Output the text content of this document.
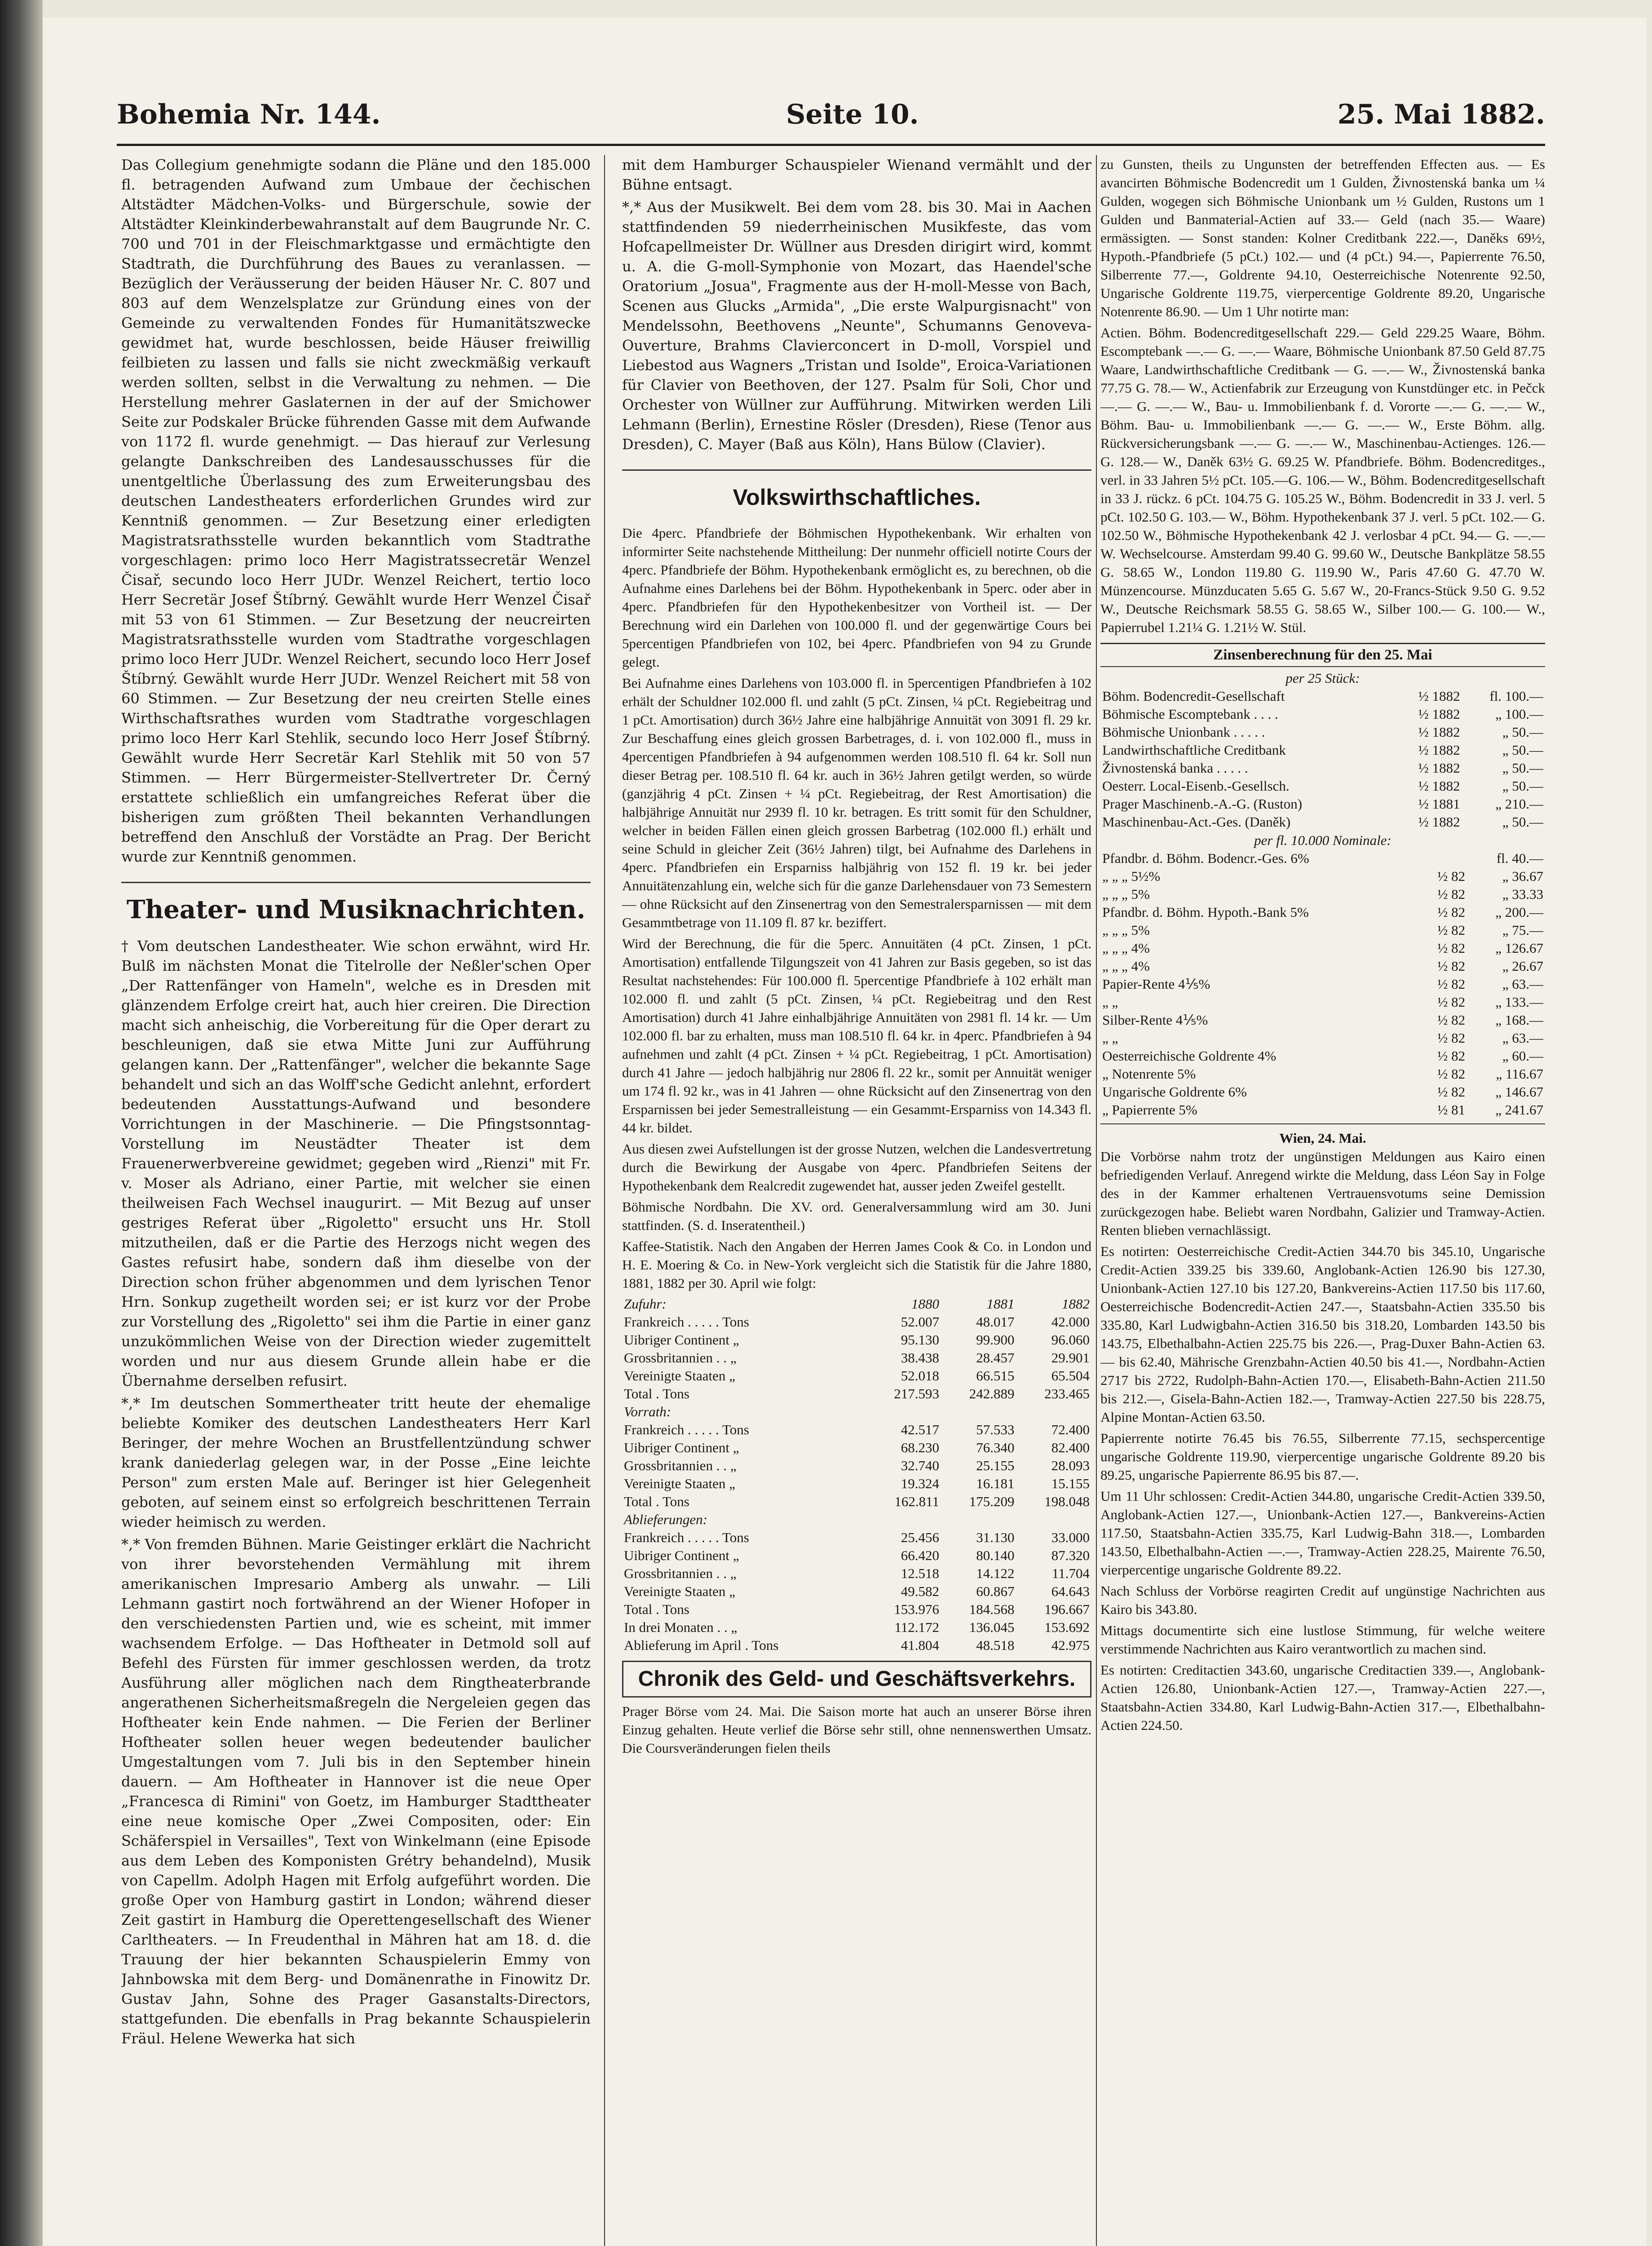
Bohemia Nr. 144.	Seite 10.	25. Mai 1882.

Das Collegium genehmigte sodann die Pläne und den 185.000 fl. betragenden Aufwand zum Umbaue der čechischen Altstädter Mädchen-Volks- und Bürgerschule, sowie der Altstädter Kleinkinderbewahranstalt auf dem Baugrunde Nr. C. 700 und 701 in der Fleischmarktgasse und ermächtigte den Stadtrath, die Durchführung des Baues zu veranlassen. — Bezüglich der Veräusserung der beiden Häuser Nr. C. 807 und 803 auf dem Wenzelsplatze zur Gründung eines von der Gemeinde zu verwaltenden Fondes für Humanitätszwecke gewidmet hat, wurde beschlossen, beide Häuser freiwillig feilbieten zu lassen und falls sie nicht zweckmäßig verkauft werden sollten, selbst in die Verwaltung zu nehmen. — Die Herstellung mehrer Gaslaternen in der auf der Smichower Seite zur Podskaler Brücke führenden Gasse mit dem Aufwande von 1172 fl. wurde genehmigt. — Das hierauf zur Verlesung gelangte Dankschreiben des Landesausschusses für die unentgeltliche Überlassung des zum Erweiterungsbau des deutschen Landestheaters erforderlichen Grundes wird zur Kenntniß genommen. — Zur Besetzung einer erledigten Magistratsrathsstelle wurden bekanntlich vom Stadtrathe vorgeschlagen: primo loco Herr Magistratssecretär Wenzel Čisař, secundo loco Herr JUDr. Wenzel Reichert, tertio loco Herr Secretär Josef Štíbrný. Gewählt wurde Herr Wenzel Čisař mit 53 von 61 Stimmen. — Zur Besetzung der neucreirten Magistratsrathsstelle wurden vom Stadtrathe vorgeschlagen primo loco Herr JUDr. Wenzel Reichert, secundo loco Herr Josef Štíbrný. Gewählt wurde Herr JUDr. Wenzel Reichert mit 58 von 60 Stimmen. — Zur Besetzung der neu creirten Stelle eines Wirthschaftsrathes wurden vom Stadtrathe vorgeschlagen primo loco Herr Karl Stehlik, secundo loco Herr Josef Štíbrný. Gewählt wurde Herr Secretär Karl Stehlik mit 50 von 57 Stimmen. — Herr Bürgermeister-Stellvertreter Dr. Černý erstattete schließlich ein umfangreiches Referat über die bisherigen zum größten Theil bekannten Verhandlungen betreffend den Anschluß der Vorstädte an Prag. Der Bericht wurde zur Kenntniß genommen.

Theater- und Musiknachrichten.

† Vom deutschen Landestheater. Wie schon erwähnt, wird Hr. Bulß im nächsten Monat die Titelrolle der Neßler'schen Oper „Der Rattenfänger von Hameln", welche es in Dresden mit glänzendem Erfolge creirt hat, auch hier creiren. Die Direction macht sich anheischig, die Vorbereitung für die Oper derart zu beschleunigen, daß sie etwa Mitte Juni zur Aufführung gelangen kann. Der „Rattenfänger", welcher die bekannte Sage behandelt und sich an das Wolff'sche Gedicht anlehnt, erfordert bedeutenden Ausstattungs-Aufwand und besondere Vorrichtungen in der Maschinerie. — Die Pfingstsonntag-Vorstellung im Neustädter Theater ist dem Frauenerwerbvereine gewidmet; gegeben wird „Rienzi" mit Fr. v. Moser als Adriano, einer Partie, mit welcher sie einen theilweisen Fach Wechsel inaugurirt. — Mit Bezug auf unser gestriges Referat über „Rigoletto" ersucht uns Hr. Stoll mitzutheilen, daß er die Partie des Herzogs nicht wegen des Gastes refusirt habe, sondern daß ihm dieselbe von der Direction schon früher abgenommen und dem lyrischen Tenor Hrn. Sonkup zugetheilt worden sei; er ist kurz vor der Probe zur Vorstellung des „Rigoletto" sei ihm die Partie in einer ganz unzukömmlichen Weise von der Direction wieder zugemittelt worden und nur aus diesem Grunde allein habe er die Übernahme derselben refusirt.

*,* Im deutschen Sommertheater tritt heute der ehemalige beliebte Komiker des deutschen Landestheaters Herr Karl Beringer, der mehre Wochen an Brustfellentzündung schwer krank daniederlag gelegen war, in der Posse „Eine leichte Person" zum ersten Male auf. Beringer ist hier Gelegenheit geboten, auf seinem einst so erfolgreich beschrittenen Terrain wieder heimisch zu werden.

*,* Von fremden Bühnen. Marie Geistinger erklärt die Nachricht von ihrer bevorstehenden Vermählung mit ihrem amerikanischen Impresario Amberg als unwahr. — Lili Lehmann gastirt noch fortwährend an der Wiener Hofoper in den verschiedensten Partien und, wie es scheint, mit immer wachsendem Erfolge. — Das Hoftheater in Detmold soll auf Befehl des Fürsten für immer geschlossen werden, da trotz Ausführung aller möglichen nach dem Ringtheaterbrande angerathenen Sicherheitsmaßregeln die Nergeleien gegen das Hoftheater kein Ende nahmen. — Die Ferien der Berliner Hoftheater sollen heuer wegen bedeutender baulicher Umgestaltungen vom 7. Juli bis in den September hinein dauern. — Am Hoftheater in Hannover ist die neue Oper „Francesca di Rimini" von Goetz, im Hamburger Stadttheater eine neue komische Oper „Zwei Compositen, oder: Ein Schäferspiel in Versailles", Text von Winkelmann (eine Episode aus dem Leben des Komponisten Grétry behandelnd), Musik von Capellm. Adolph Hagen mit Erfolg aufgeführt worden. Die große Oper von Hamburg gastirt in London; während dieser Zeit gastirt in Hamburg die Operettengesellschaft des Wiener Carltheaters. — In Freudenthal in Mähren hat am 18. d. die Trauung der hier bekannten Schauspielerin Emmy von Jahnbowska mit dem Berg- und Domänenrathe in Finowitz Dr. Gustav Jahn, Sohne des Prager Gasanstalts-Directors, stattgefunden. Die ebenfalls in Prag bekannte Schauspielerin Fräul. Helene Wewerka hat sich

mit dem Hamburger Schauspieler Wienand vermählt und der Bühne entsagt.

*,* Aus der Musikwelt. Bei dem vom 28. bis 30. Mai in Aachen stattfindenden 59 niederrheinischen Musikfeste, das vom Hofcapellmeister Dr. Wüllner aus Dresden dirigirt wird, kommt u. A. die G-moll-Symphonie von Mozart, das Haendel'sche Oratorium „Josua", Fragmente aus der H-moll-Messe von Bach, Scenen aus Glucks „Armida", „Die erste Walpurgisnacht" von Mendelssohn, Beethovens „Neunte", Schumanns Genoveva-Ouverture, Brahms Clavierconcert in D-moll, Vorspiel und Liebestod aus Wagners „Tristan und Isolde", Eroica-Variationen für Clavier von Beethoven, der 127. Psalm für Soli, Chor und Orchester von Wüllner zur Aufführung. Mitwirken werden Lili Lehmann (Berlin), Ernestine Rösler (Dresden), Riese (Tenor aus Dresden), C. Mayer (Baß aus Köln), Hans Bülow (Clavier).

Volkswirthschaftliches.

Die 4perc. Pfandbriefe der Böhmischen Hypothekenbank. Wir erhalten von informirter Seite nachstehende Mittheilung: Der nunmehr officiell notirte Cours der 4perc. Pfandbriefe der Böhm. Hypothekenbank ermöglicht es, zu berechnen, ob die Aufnahme eines Darlehens bei der Böhm. Hypothekenbank in 5perc. oder aber in 4perc. Pfandbriefen für den Hypothekenbesitzer von Vortheil ist. — Der Berechnung wird ein Darlehen von 100.000 fl. und der gegenwärtige Cours bei 5percentigen Pfandbriefen von 102, bei 4perc. Pfandbriefen von 94 zu Grunde gelegt.

Bei Aufnahme eines Darlehens von 103.000 fl. in 5percentigen Pfandbriefen à 102 erhält der Schuldner 102.000 fl. und zahlt (5 pCt. Zinsen, ¼ pCt. Regiebeitrag und 1 pCt. Amortisation) durch 36½ Jahre eine halbjährige Annuität von 3091 fl. 29 kr. Zur Beschaffung eines gleich grossen Barbetrages, d. i. von 102.000 fl., muss in 4percentigen Pfandbriefen à 94 aufgenommen werden 108.510 fl. 64 kr. Soll nun dieser Betrag per. 108.510 fl. 64 kr. auch in 36½ Jahren getilgt werden, so würde (ganzjährig 4 pCt. Zinsen + ¼ pCt. Regiebeitrag, der Rest Amortisation) die halbjährige Annuität nur 2939 fl. 10 kr. betragen. Es tritt somit für den Schuldner, welcher in beiden Fällen einen gleich grossen Barbetrag (102.000 fl.) erhält und seine Schuld in gleicher Zeit (36½ Jahren) tilgt, bei Aufnahme des Darlehens in 4perc. Pfandbriefen ein Ersparniss halbjährig von 152 fl. 19 kr. bei jeder Annuitätenzahlung ein, welche sich für die ganze Darlehensdauer von 73 Semestern — ohne Rücksicht auf den Zinsenertrag von den Semestralersparnissen — mit dem Gesammtbetrage von 11.109 fl. 87 kr. beziffert.

Wird der Berechnung, die für die 5perc. Annuitäten (4 pCt. Zinsen, 1 pCt. Amortisation) entfallende Tilgungszeit von 41 Jahren zur Basis gegeben, so ist das Resultat nachstehendes: Für 100.000 fl. 5percentige Pfandbriefe à 102 erhält man 102.000 fl. und zahlt (5 pCt. Zinsen, ¼ pCt. Regiebeitrag und den Rest Amortisation) durch 41 Jahre einhalbjährige Annuitäten von 2981 fl. 14 kr. — Um 102.000 fl. bar zu erhalten, muss man 108.510 fl. 64 kr. in 4perc. Pfandbriefen à 94 aufnehmen und zahlt (4 pCt. Zinsen + ¼ pCt. Regiebeitrag, 1 pCt. Amortisation) durch 41 Jahre — jedoch halbjährig nur 2806 fl. 22 kr., somit per Annuität weniger um 174 fl. 92 kr., was in 41 Jahren — ohne Rücksicht auf den Zinsenertrag von den Ersparnissen bei jeder Semestralleistung — ein Gesammt-Ersparniss von 14.343 fl. 44 kr. bildet.

Aus diesen zwei Aufstellungen ist der grosse Nutzen, welchen die Landesvertretung durch die Bewirkung der Ausgabe von 4perc. Pfandbriefen Seitens der Hypothekenbank dem Realcredit zugewendet hat, ausser jeden Zweifel gestellt.

Böhmische Nordbahn. Die XV. ord. Generalversammlung wird am 30. Juni stattfinden. (S. d. Inseratentheil.)

Kaffee-Statistik. Nach den Angaben der Herren James Cook & Co. in London und H. E. Moering & Co. in New-York vergleicht sich die Statistik für die Jahre 1880, 1881, 1882 per 30. April wie folgt:

Zufuhr:	1880	1881	1882
Frankreich . . . . . Tons	52.007	48.017	42.000
Uibriger Continent „	95.130	99.900	96.060
Grossbritannien . . „	38.438	28.457	29.901
Vereinigte Staaten „	52.018	66.515	65.504
Total . Tons	217.593	242.889	233.465
Vorrath:			
Frankreich . . . . . Tons	42.517	57.533	72.400
Uibriger Continent „	68.230	76.340	82.400
Grossbritannien . . „	32.740	25.155	28.093
Vereinigte Staaten „	19.324	16.181	15.155
Total . Tons	162.811	175.209	198.048
Ablieferungen:			
Frankreich . . . . . Tons	25.456	31.130	33.000
Uibriger Continent „	66.420	80.140	87.320
Grossbritannien . . „	12.518	14.122	11.704
Vereinigte Staaten „	49.582	60.867	64.643
Total . Tons	153.976	184.568	196.667
In drei Monaten . . „	112.172	136.045	153.692
Ablieferung im April . Tons	41.804	48.518	42.975
Chronik des Geld- und Geschäftsverkehrs.

Prager Börse vom 24. Mai. Die Saison morte hat auch an unserer Börse ihren Einzug gehalten. Heute verlief die Börse sehr still, ohne nennenswerthen Umsatz. Die Coursveränderungen fielen theils

zu Gunsten, theils zu Ungunsten der betreffenden Effecten aus. — Es avancirten Böhmische Bodencredit um 1 Gulden, Živnostenská banka um ¼ Gulden, wogegen sich Böhmische Unionbank um ½ Gulden, Rustons um 1 Gulden und Banmaterial-Actien auf 33.— Geld (nach 35.— Waare) ermässigten. — Sonst standen: Kolner Creditbank 222.—, Daněks 69½, Hypoth.-Pfandbriefe (5 pCt.) 102.— und (4 pCt.) 94.—, Papierrente 76.50, Silberrente 77.—, Goldrente 94.10, Oesterreichische Notenrente 92.50, Ungarische Goldrente 119.75, vierpercentige Goldrente 89.20, Ungarische Notenrente 86.90. — Um 1 Uhr notirte man:

Actien. Böhm. Bodencreditgesellschaft 229.— Geld 229.25 Waare, Böhm. Escomptebank —.— G. —.— Waare, Böhmische Unionbank 87.50 Geld 87.75 Waare, Landwirthschaftliche Creditbank — G. —.— W., Živnostenská banka 77.75 G. 78.— W., Actienfabrik zur Erzeugung von Kunstdünger etc. in Pečck —.— G. —.— W., Bau- u. Immobilienbank f. d. Vororte —.— G. —.— W., Böhm. Bau- u. Immobilienbank —.— G. —.— W., Erste Böhm. allg. Rückversicherungsbank —.— G. —.— W., Maschinenbau-Actienges. 126.— G. 128.— W., Daněk 63½ G. 69.25 W. Pfandbriefe. Böhm. Bodencreditges., verl. in 33 Jahren 5½ pCt. 105.—G. 106.— W., Böhm. Bodencreditgesellschaft in 33 J. rückz. 6 pCt. 104.75 G. 105.25 W., Böhm. Bodencredit in 33 J. verl. 5 pCt. 102.50 G. 103.— W., Böhm. Hypothekenbank 37 J. verl. 5 pCt. 102.— G. 102.50 W., Böhmische Hypothekenbank 42 J. verlosbar 4 pCt. 94.— G. —.— W. Wechselcourse. Amsterdam 99.40 G. 99.60 W., Deutsche Bankplätze 58.55 G. 58.65 W., London 119.80 G. 119.90 W., Paris 47.60 G. 47.70 W. Münzencourse. Münzducaten 5.65 G. 5.67 W., 20-Francs-Stück 9.50 G. 9.52 W., Deutsche Reichsmark 58.55 G. 58.65 W., Silber 100.— G. 100.— W., Papierrubel 1.21¼ G. 1.21½ W. Stül.

Zinsenberechnung für den 25. Mai
per 25 Stück:
Böhm. Bodencredit-Gesellschaft	½ 1882	fl. 100.—
Böhmische Escomptebank . . . .	½ 1882	„ 100.—
Böhmische Unionbank . . . . .	½ 1882	„ 50.—
Landwirthschaftliche Creditbank	½ 1882	„ 50.—
Živnostenská banka . . . . .	½ 1882	„ 50.—
Oesterr. Local-Eisenb.-Gesellsch.	½ 1882	„ 50.—
Prager Maschinenb.-A.-G. (Ruston)	½ 1881	„ 210.—
Maschinenbau-Act.-Ges. (Daněk)	½ 1882	„ 50.—
per fl. 10.000 Nominale:
Pfandbr. d. Böhm. Bodencr.-Ges. 6%		fl. 40.—
„ „ „ 5½%	½ 82	„ 36.67
„ „ „ 5%	½ 82	„ 33.33
Pfandbr. d. Böhm. Hypoth.-Bank 5%	½ 82	„ 200.—
„ „ „ 5%	½ 82	„ 75.—
„ „ „ 4%	½ 82	„ 126.67
„ „ „ 4%	½ 82	„ 26.67
Papier-Rente 4⅕%	½ 82	„ 63.—
„ „	½ 82	„ 133.—
Silber-Rente 4⅕%	½ 82	„ 168.—
„ „	½ 82	„ 63.—
Oesterreichische Goldrente 4%	½ 82	„ 60.—
„ Notenrente 5%	½ 82	„ 116.67
Ungarische Goldrente 6%	½ 82	„ 146.67
„ Papierrente 5%	½ 81	„ 241.67
Wien, 24. Mai.

Die Vorbörse nahm trotz der ungünstigen Meldungen aus Kairo einen befriedigenden Verlauf. Anregend wirkte die Meldung, dass Léon Say in Folge des in der Kammer erhaltenen Vertrauensvotums seine Demission zurückgezogen habe. Beliebt waren Nordbahn, Galizier und Tramway-Actien. Renten blieben vernachlässigt.

Es notirten: Oesterreichische Credit-Actien 344.70 bis 345.10, Ungarische Credit-Actien 339.25 bis 339.60, Anglobank-Actien 126.90 bis 127.30, Unionbank-Actien 127.10 bis 127.20, Bankvereins-Actien 117.50 bis 117.60, Oesterreichische Bodencredit-Actien 247.—, Staatsbahn-Actien 335.50 bis 335.80, Karl Ludwigbahn-Actien 316.50 bis 318.20, Lombarden 143.50 bis 143.75, Elbethalbahn-Actien 225.75 bis 226.—, Prag-Duxer Bahn-Actien 63.— bis 62.40, Mährische Grenzbahn-Actien 40.50 bis 41.—, Nordbahn-Actien 2717 bis 2722, Rudolph-Bahn-Actien 170.—, Elisabeth-Bahn-Actien 211.50 bis 212.—, Gisela-Bahn-Actien 182.—, Tramway-Actien 227.50 bis 228.75, Alpine Montan-Actien 63.50.

Papierrente notirte 76.45 bis 76.55, Silberrente 77.15, sechspercentige ungarische Goldrente 119.90, vierpercentige ungarische Goldrente 89.20 bis 89.25, ungarische Papierrente 86.95 bis 87.—.

Um 11 Uhr schlossen: Credit-Actien 344.80, ungarische Credit-Actien 339.50, Anglobank-Actien 127.—, Unionbank-Actien 127.—, Bankvereins-Actien 117.50, Staatsbahn-Actien 335.75, Karl Ludwig-Bahn 318.—, Lombarden 143.50, Elbethalbahn-Actien —.—, Tramway-Actien 228.25, Mairente 76.50, vierpercentige ungarische Goldrente 89.22.

Nach Schluss der Vorbörse reagirten Credit auf ungünstige Nachrichten aus Kairo bis 343.80.

Mittags documentirte sich eine lustlose Stimmung, für welche weitere verstimmende Nachrichten aus Kairo verantwortlich zu machen sind.

Es notirten: Creditactien 343.60, ungarische Creditactien 339.—, Anglobank-Actien 126.80, Unionbank-Actien 127.—, Tramway-Actien 227.—, Staatsbahn-Actien 334.80, Karl Ludwig-Bahn-Actien 317.—, Elbethalbahn-Actien 224.50.
